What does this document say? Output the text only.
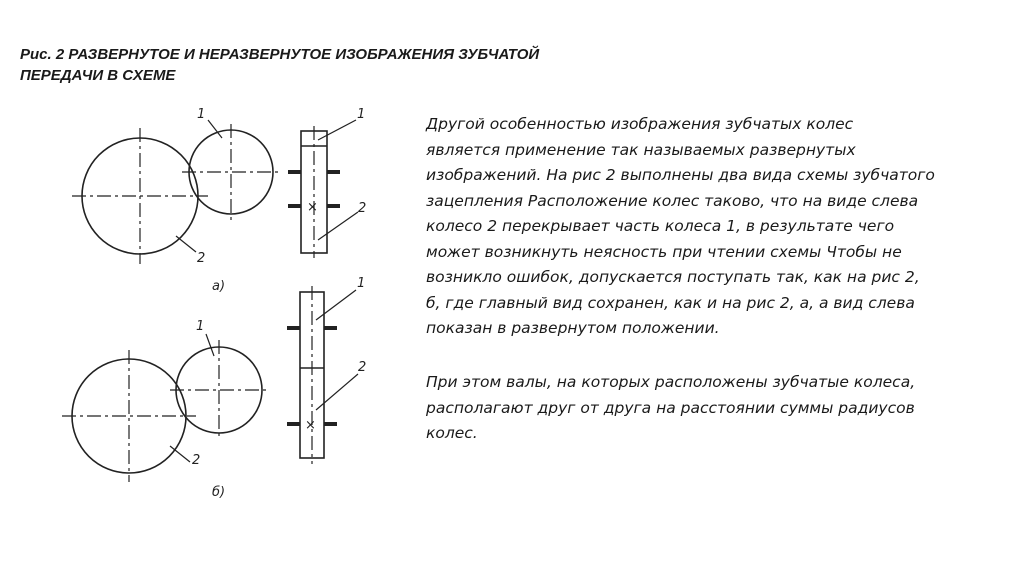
Рис. 2 РАЗВЕРНУТОЕ И НЕРАЗВЕРНУТОЕ ИЗОБРАЖЕНИЯ ЗУБЧАТОЙ
ПЕРЕДАЧИ В СХЕМЕ
1
2
1
2
×
а)
1
2
1
2
×
б)
Другой особенностью изображения зубчатых колес
является применение так называемых развернутых
изображений. На рис 2 выполнены два вида схемы зубчатого
зацепления Расположение колес таково, что на виде слева
колесо 2 перекрывает часть колеса 1, в результате чего
может возникнуть неясность при чтении схемы Чтобы не
возникло ошибок, допускается поступать так, как на рис 2,
б, где главный вид сохранен, как и на рис 2, а, а вид слева
показан в развернутом положении.
При этом валы, на которых расположены зубчатые колеса,
располагают друг от друга на расстоянии суммы радиусов
колес.
